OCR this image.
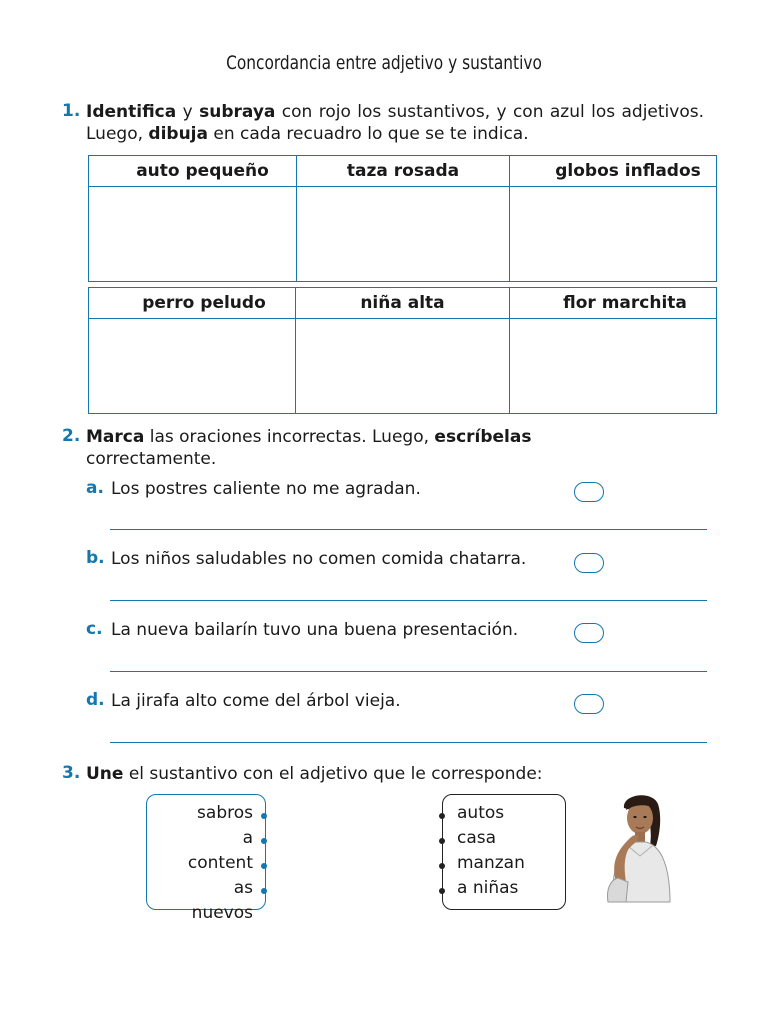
Concordancia entre adjetivo y sustantivo
1. Identifica y subraya con rojo los sustantivos, y con azul los adjetivos. Luego, dibuja en cada recuadro lo que se te indica.
auto pequeño	taza rosada	globos inflados

perro peludo	niña alta	flor marchita

2. Marca las oraciones incorrectas. Luego, escríbelas
correctamente.
a. Los postres caliente no me agradan.
b. Los niños saludables no comen comida chatarra.
c. La nueva bailarín tuvo una buena presentación.
d. La jirafa alto come del árbol vieja.
3. Une el sustantivo con el adjetivo que le corresponde:
sabros
a
content
as
nuevos
autos
casa
manzan
a niñas
